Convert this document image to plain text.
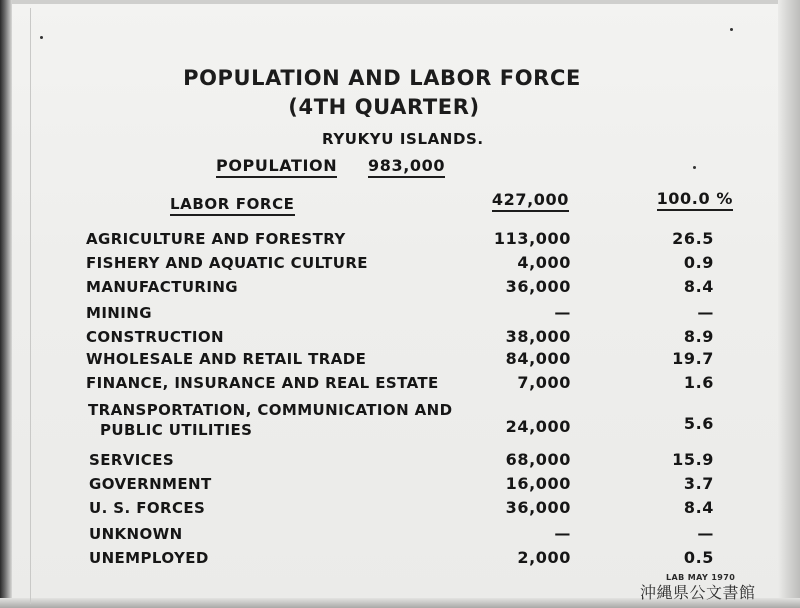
POPULATION AND LABOR FORCE
(4TH QUARTER)
RYUKYU ISLANDS.
POPULATION 983,000
LABOR FORCE	427,000	100.0 %
AGRICULTURE AND FORESTRY	113,000	26.5
FISHERY AND AQUATIC CULTURE	4,000	0.9
MANUFACTURING	36,000	8.4
MINING	—	—
CONSTRUCTION	38,000	8.9
WHOLESALE AND RETAIL TRADE	84,000	19.7
FINANCE, INSURANCE AND REAL ESTATE	7,000	1.6
TRANSPORTATION, COMMUNICATION AND
PUBLIC UTILITIES	24,000	5.6
SERVICES	68,000	15.9
GOVERNMENT	16,000	3.7
U. S. FORCES	36,000	8.4
UNKNOWN	—	—
UNEMPLOYED	2,000	0.5
LAB MAY 1970
沖縄県公文書館
